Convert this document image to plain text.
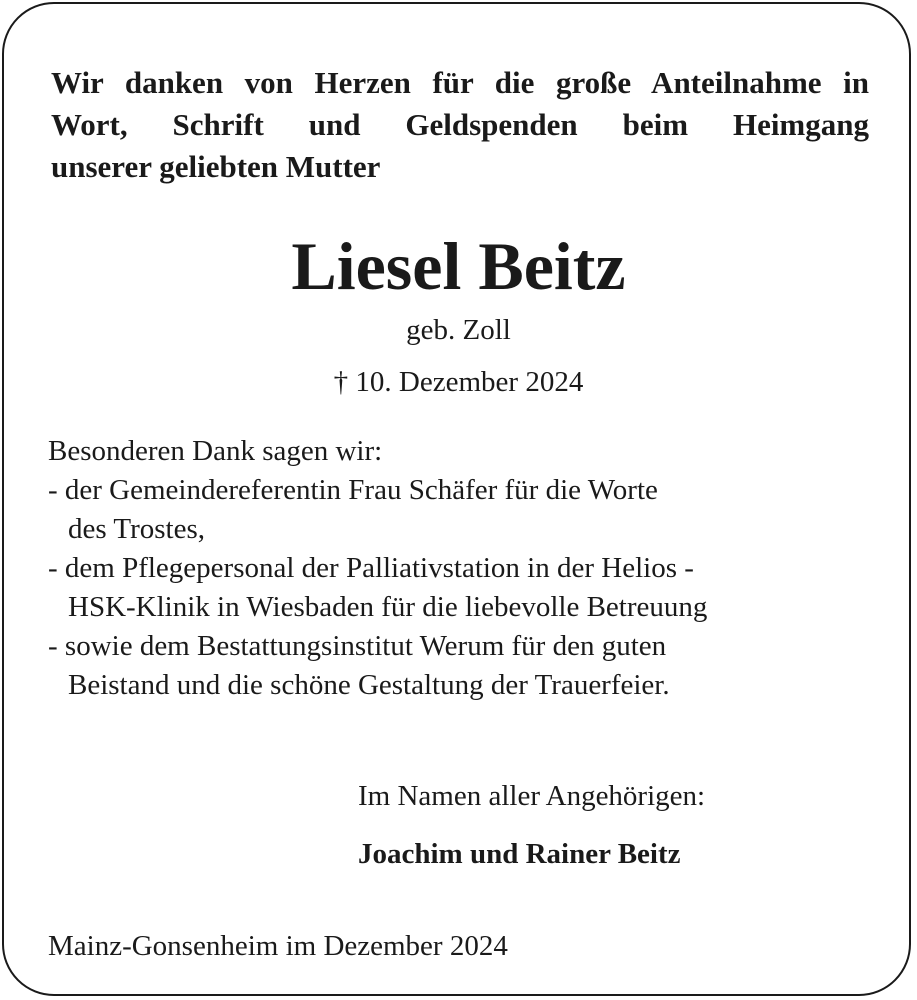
Wir danken von Herzen für die große Anteilnahme in
Wort, Schrift und Geldspenden beim Heimgang
unserer geliebten Mutter

Liesel Beitz

geb. Zoll

† 10. Dezember 2024

Besonderen Dank sagen wir:
- der Gemeindereferentin Frau Schäfer für die Worte
des Trostes,
- dem Pflegepersonal der Palliativstation in der Helios -
HSK-Klinik in Wiesbaden für die liebevolle Betreuung
- sowie dem Bestattungsinstitut Werum für den guten
Beistand und die schöne Gestaltung der Trauerfeier.

Im Namen aller Angehörigen:

Joachim und Rainer Beitz

Mainz-Gonsenheim im Dezember 2024
